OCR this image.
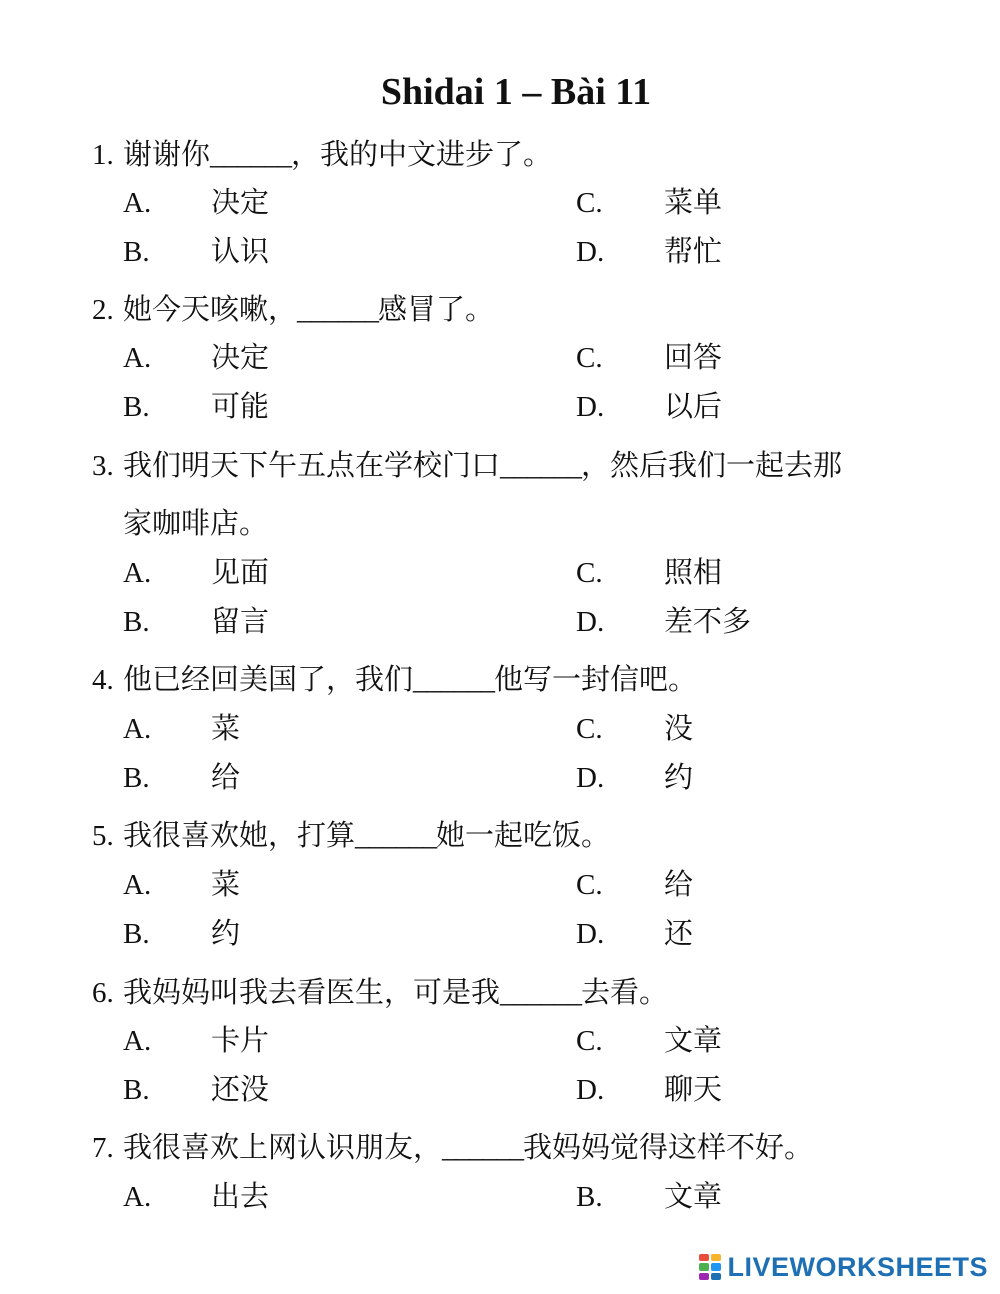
Shidai 1 – Bài 11
1. 谢谢你______，我的中文进步了。
A. 决定
B. 认识
C. 菜单
D. 帮忙
2. 她今天咳嗽，______感冒了。
A. 决定
B. 可能
C. 回答
D. 以后
3. 我们明天下午五点在学校门口______，然后我们一起去那
家咖啡店。
A. 见面
B. 留言
C. 照相
D. 差不多
4. 他已经回美国了，我们______他写一封信吧。
A. 菜
B. 给
C. 没
D. 约
5. 我很喜欢她，打算______她一起吃饭。
A. 菜
B. 约
C. 给
D. 还
6. 我妈妈叫我去看医生，可是我______去看。
A. 卡片
B. 还没
C. 文章
D. 聊天
7. 我很喜欢上网认识朋友，______我妈妈觉得这样不好。
A. 出去	B. 文章
LIVEWORKSHEETS
